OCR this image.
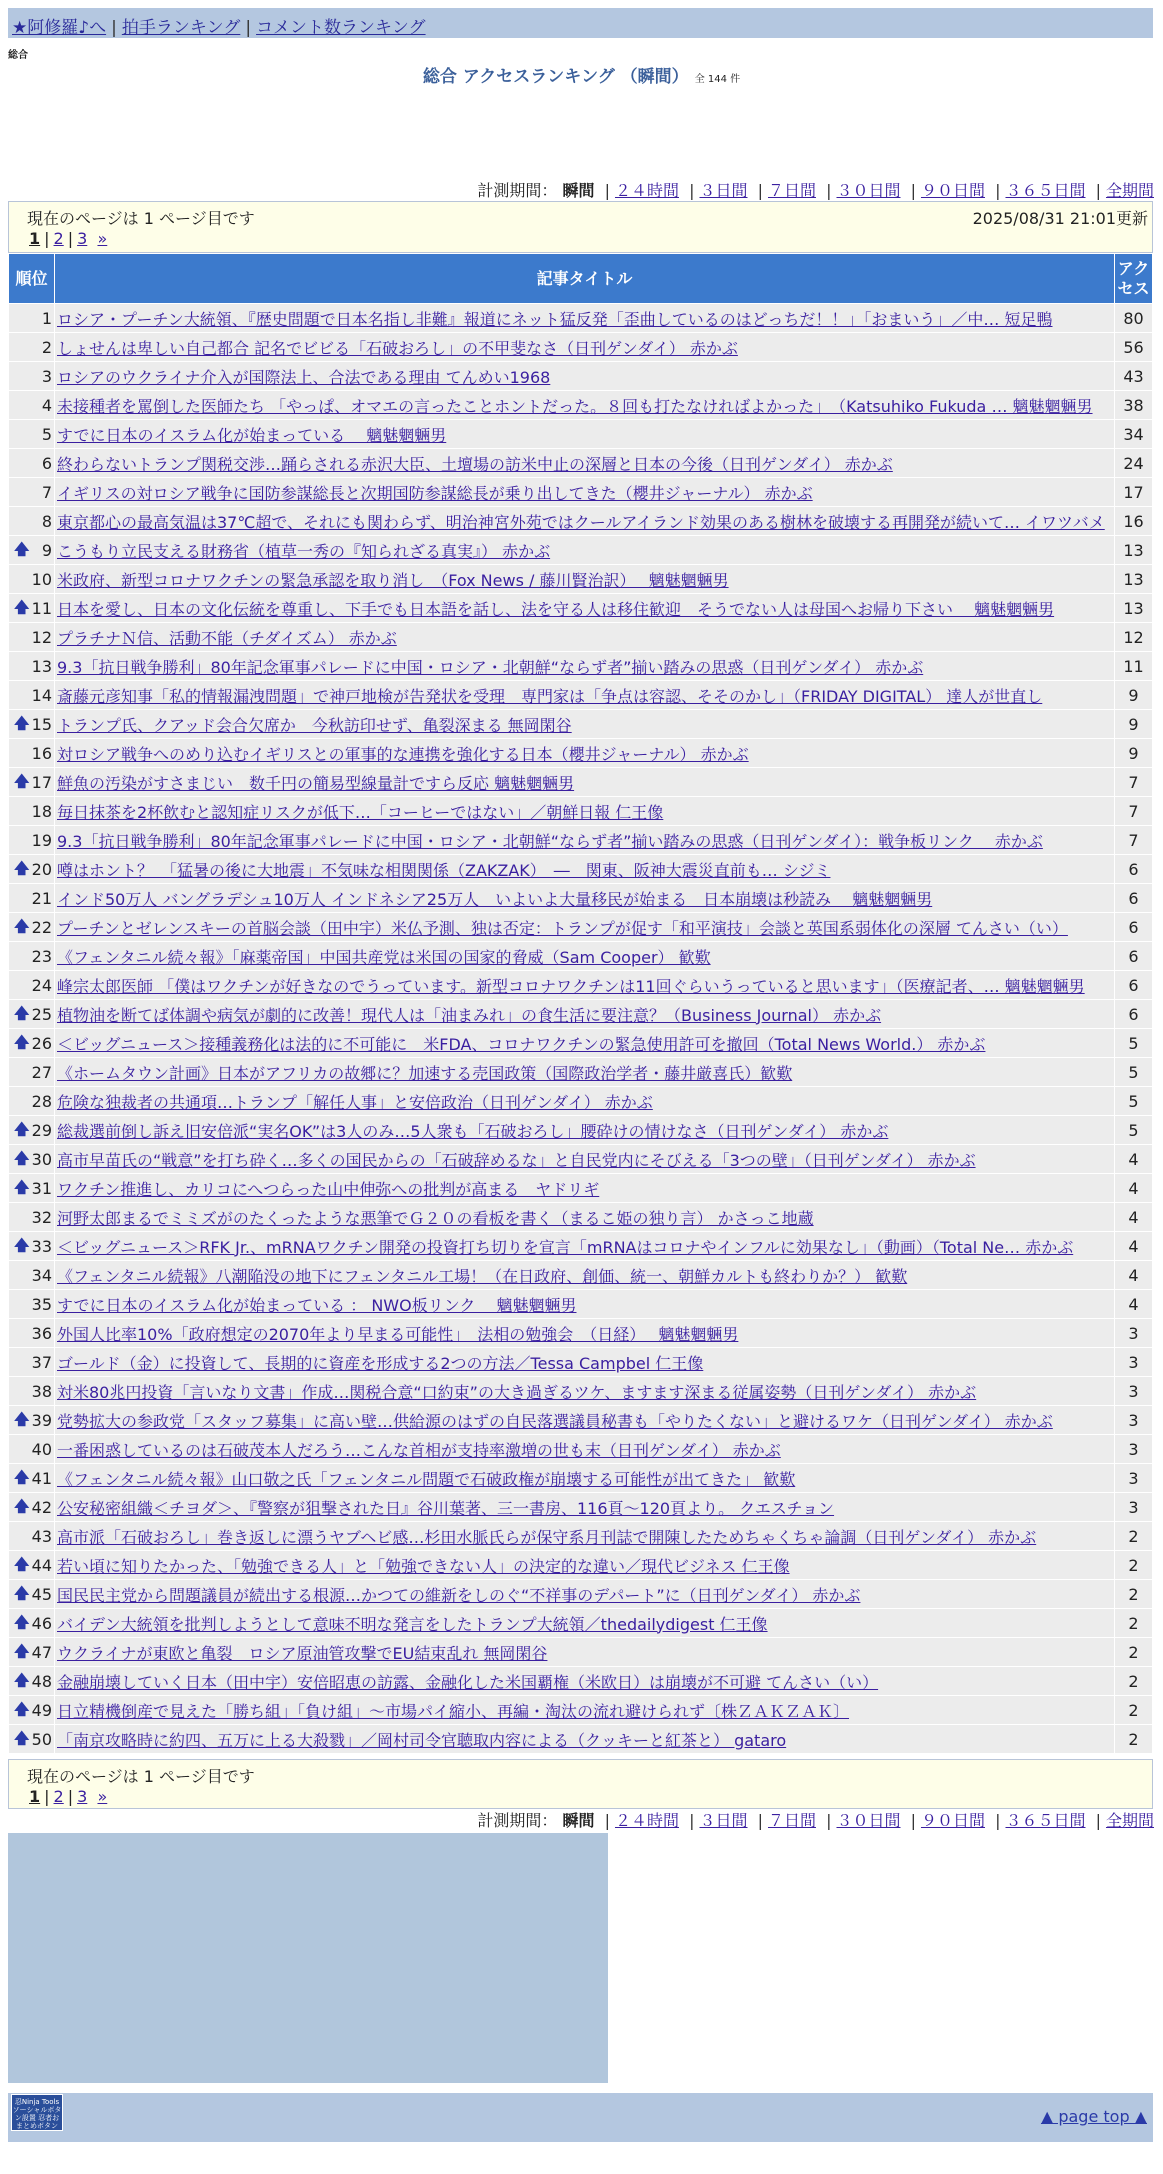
★阿修羅♪へ | 拍手ランキング | コメント数ランキング
総合
総合 アクセスランキング （瞬間） 全 144 件
計測期間： 瞬間 | ２４時間 | ３日間 | ７日間 | ３０日間 | ９０日間 | ３６５日間 | 全期間
現在のページは 1 ページ目です	2025/08/31 21:01更新
1 | 2 | 3 »
順位	記事タイトル	アクセス
1	ロシア・プーチン大統領、『歴史問題で日本名指し非難』報道にネット猛反発「歪曲しているのはどっちだ！！」「おまいう」／中… 短足鴨	80
2	しょせんは卑しい自己都合 記名でビビる「石破おろし」の不甲斐なさ（日刊ゲンダイ） 赤かぶ	56
3	ロシアのウクライナ介入が国際法上、合法である理由 てんめい1968	43
4	未接種者を罵倒した医師たち 「やっぱ、オマエの言ったことホントだった。８回も打たなければよかった」　（Katsuhiko Fukuda … 魑魅魍魎男	38
5	すでに日本のイスラム化が始まっている　 魑魅魍魎男	34
6	終わらないトランプ関税交渉…踊らされる赤沢大臣、土壇場の訪米中止の深層と日本の今後（日刊ゲンダイ） 赤かぶ	24
7	イギリスの対ロシア戦争に国防参謀総長と次期国防参謀総長が乗り出してきた（櫻井ジャーナル） 赤かぶ	17
8	東京都心の最高気温は37℃超で、それにも関わらず、明治神宮外苑ではクールアイランド効果のある樹林を破壊する再開発が続いて… イワツバメ	16

🡅 9	こうもり立民支える財務省（植草一秀の『知られざる真実』） 赤かぶ	13
10	米政府、新型コロナワクチンの緊急承認を取り消し　（Fox News / 藤川賢治訳）　 魑魅魍魎男	13

🡅 11	日本を愛し、日本の文化伝統を尊重し、下手でも日本語を話し、法を守る人は移住歓迎　そうでない人は母国へお帰り下さい　 魑魅魍魎男	13
12	プラチナＮ信、活動不能（チダイズム） 赤かぶ	12
13	9.3「抗日戦争勝利」80年記念軍事パレードに中国・ロシア・北朝鮮“ならず者”揃い踏みの思惑（日刊ゲンダイ） 赤かぶ	11
14	斎藤元彦知事「私的情報漏洩問題」で神戸地検が告発状を受理　専門家は「争点は容認、そそのかし」（FRIDAY DIGITAL） 達人が世直し	9

🡅 15	トランプ氏、クアッド会合欠席か　今秋訪印せず、亀裂深まる 無岡閑谷	9
16	対ロシア戦争へのめり込むイギリスとの軍事的な連携を強化する日本（櫻井ジャーナル） 赤かぶ	9

🡅 17	鮮魚の汚染がすさまじい　数千円の簡易型線量計ですら反応 魑魅魍魎男	7
18	毎日抹茶を2杯飲むと認知症リスクが低下…「コーヒーではない」／朝鮮日報 仁王像	7
19	9.3「抗日戦争勝利」80年記念軍事パレードに中国・ロシア・北朝鮮“ならず者”揃い踏みの思惑（日刊ゲンダイ）：戦争板リンク　 赤かぶ	7

🡅 20	噂はホント？　「猛暑の後に大地震」不気味な相関関係（ZAKZAK）　―　関東、阪神大震災直前も… シジミ	6
21	インド50万人 バングラデシュ10万人 インドネシア25万人　いよいよ大量移民が始まる　日本崩壊は秒読み　 魑魅魍魎男	6

🡅 22	プーチンとゼレンスキーの首脳会談（田中宇）米仏予測、独は否定：トランプが促す「和平演技」会談と英国系弱体化の深層 てんさい（い）	6
23	《フェンタニル続々報》「麻薬帝国」中国共産党は米国の国家的脅威（Sam Cooper） 歓歎	6
24	峰宗太郎医師 「僕はワクチンが好きなのでうっています。新型コロナワクチンは11回ぐらいうっていると思います」（医療記者、… 魑魅魍魎男	6

🡅 25	植物油を断てば体調や病気が劇的に改善！現代人は「油まみれ」の食生活に要注意？（Business Journal） 赤かぶ	6

🡅 26	＜ビッグニュース＞接種義務化は法的に不可能に　米FDA、コロナワクチンの緊急使用許可を撤回（Total News World.） 赤かぶ	5
27	《ホームタウン計画》日本がアフリカの故郷に？加速する売国政策（国際政治学者・藤井厳喜氏）歓歎	5
28	危険な独裁者の共通項…トランプ「解任人事」と安倍政治（日刊ゲンダイ） 赤かぶ	5

🡅 29	総裁選前倒し訴え旧安倍派“実名OK”は3人のみ…5人衆も「石破おろし」腰砕けの情けなさ（日刊ゲンダイ） 赤かぶ	5

🡅 30	高市早苗氏の“戦意”を打ち砕く…多くの国民からの「石破辞めるな」と自民党内にそびえる「3つの壁」（日刊ゲンダイ） 赤かぶ	4

🡅 31	ワクチン推進し、カリコにへつらった山中伸弥への批判が高まる　ヤドリギ	4
32	河野太郎まるでミミズがのたくったような悪筆でＧ２０の看板を書く（まるこ姫の独り言） かさっこ地蔵	4

🡅 33	＜ビッグニュース＞RFK Jr.、mRNAワクチン開発の投資打ち切りを宣言「mRNAはコロナやインフルに効果なし」（動画）（Total Ne… 赤かぶ	4
34	《フェンタニル続報》八潮陥没の地下にフェンタニル工場！（在日政府、創価、統一、朝鮮カルトも終わりか？） 歓歎	4
35	すでに日本のイスラム化が始まっている ： NWO板リンク　 魑魅魍魎男	4
36	外国人比率10%「政府想定の2070年より早まる可能性」　法相の勉強会　（日経）　 魑魅魍魎男	3
37	ゴールド（金）に投資して、長期的に資産を形成する2つの方法／Tessa Campbel 仁王像	3
38	対米80兆円投資「言いなり文書」作成…関税合意“口約束”の大き過ぎるツケ、ますます深まる従属姿勢（日刊ゲンダイ） 赤かぶ	3

🡅 39	党勢拡大の参政党「スタッフ募集」に高い壁…供給源のはずの自民落選議員秘書も「やりたくない」と避けるワケ（日刊ゲンダイ） 赤かぶ	3
40	一番困惑しているのは石破茂本人だろう…こんな首相が支持率激増の世も末（日刊ゲンダイ） 赤かぶ	3

🡅 41	《フェンタニル続々報》山口敬之氏「フェンタニル問題で石破政権が崩壊する可能性が出てきた」 歓歎	3

🡅 42	公安秘密組織＜チヨダ＞、『警察が狙撃された日』谷川葉著、三一書房、116頁～120頁より。 クエスチョン	3
43	高市派「石破おろし」巻き返しに漂うヤブヘビ感…杉田水脈氏らが保守系月刊誌で開陳したためちゃくちゃ論調（日刊ゲンダイ） 赤かぶ	2

🡅 44	若い頃に知りたかった、「勉強できる人」と「勉強できない人」の決定的な違い／現代ビジネス 仁王像	2

🡅 45	国民民主党から問題議員が続出する根源…かつての維新をしのぐ“不祥事のデパート”に（日刊ゲンダイ） 赤かぶ	2

🡅 46	バイデン大統領を批判しようとして意味不明な発言をしたトランプ大統領／thedailydigest 仁王像	2

🡅 47	ウクライナが東欧と亀裂　ロシア原油管攻撃でEU結束乱れ 無岡閑谷	2

🡅 48	金融崩壊していく日本（田中宇）安倍昭恵の訪露、金融化した米国覇権（米欧日）は崩壊が不可避 てんさい（い）	2

🡅 49	日立精機倒産で見えた「勝ち組」「負け組」～市場パイ縮小、再編・淘汰の流れ避けられず〔株ＺＡＫＺＡＫ〕	2

🡅 50	「南京攻略時に約四、五万に上る大殺戮」／岡村司令官聴取内容による（クッキーと紅茶と） gataro	2
現在のページは 1 ページ目です
1 | 2 | 3 »
計測期間： 瞬間 | ２４時間 | ３日間 | ７日間 | ３０日間 | ９０日間 | ３６５日間 | 全期間
忍Ninja Tools ソーシャルボタン設置 忍者おまとめボタン
▲ page top ▲
